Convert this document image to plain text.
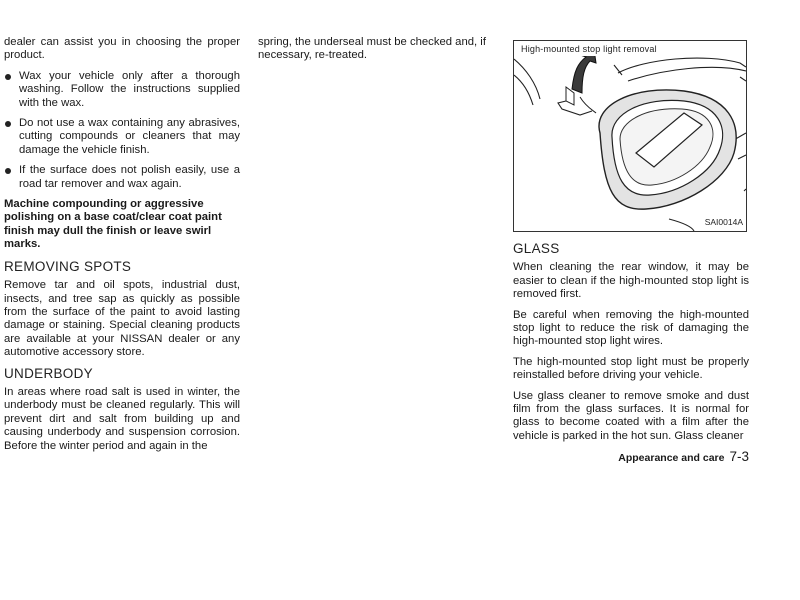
dealer can assist you in choosing the proper product.

Wax your vehicle only after a thorough washing. Follow the instructions supplied with the wax.
Do not use a wax containing any abrasives, cutting compounds or cleaners that may damage the vehicle finish.
If the surface does not polish easily, use a road tar remover and wax again.

Machine compounding or aggressive polishing on a base coat/clear coat paint finish may dull the finish or leave swirl marks.

REMOVING SPOTS

Remove tar and oil spots, industrial dust, insects, and tree sap as quickly as possible from the surface of the paint to avoid lasting damage or staining. Special cleaning products are available at your NISSAN dealer or any automotive accessory store.

UNDERBODY

In areas where road salt is used in winter, the underbody must be cleaned regularly. This will prevent dirt and salt from building up and causing underbody and suspension corrosion. Before the winter period and again in the

spring, the underseal must be checked and, if necessary, re-treated.

High-mounted stop light removal
SAI0014A
GLASS

When cleaning the rear window, it may be easier to clean if the high-mounted stop light is removed first.

Be careful when removing the high-mounted stop light to reduce the risk of damaging the high-mounted stop light wires.

The high-mounted stop light must be properly reinstalled before driving your vehicle.

Use glass cleaner to remove smoke and dust film from the glass surfaces. It is normal for glass to become coated with a film after the vehicle is parked in the hot sun. Glass cleaner

Appearance and care 7-3
